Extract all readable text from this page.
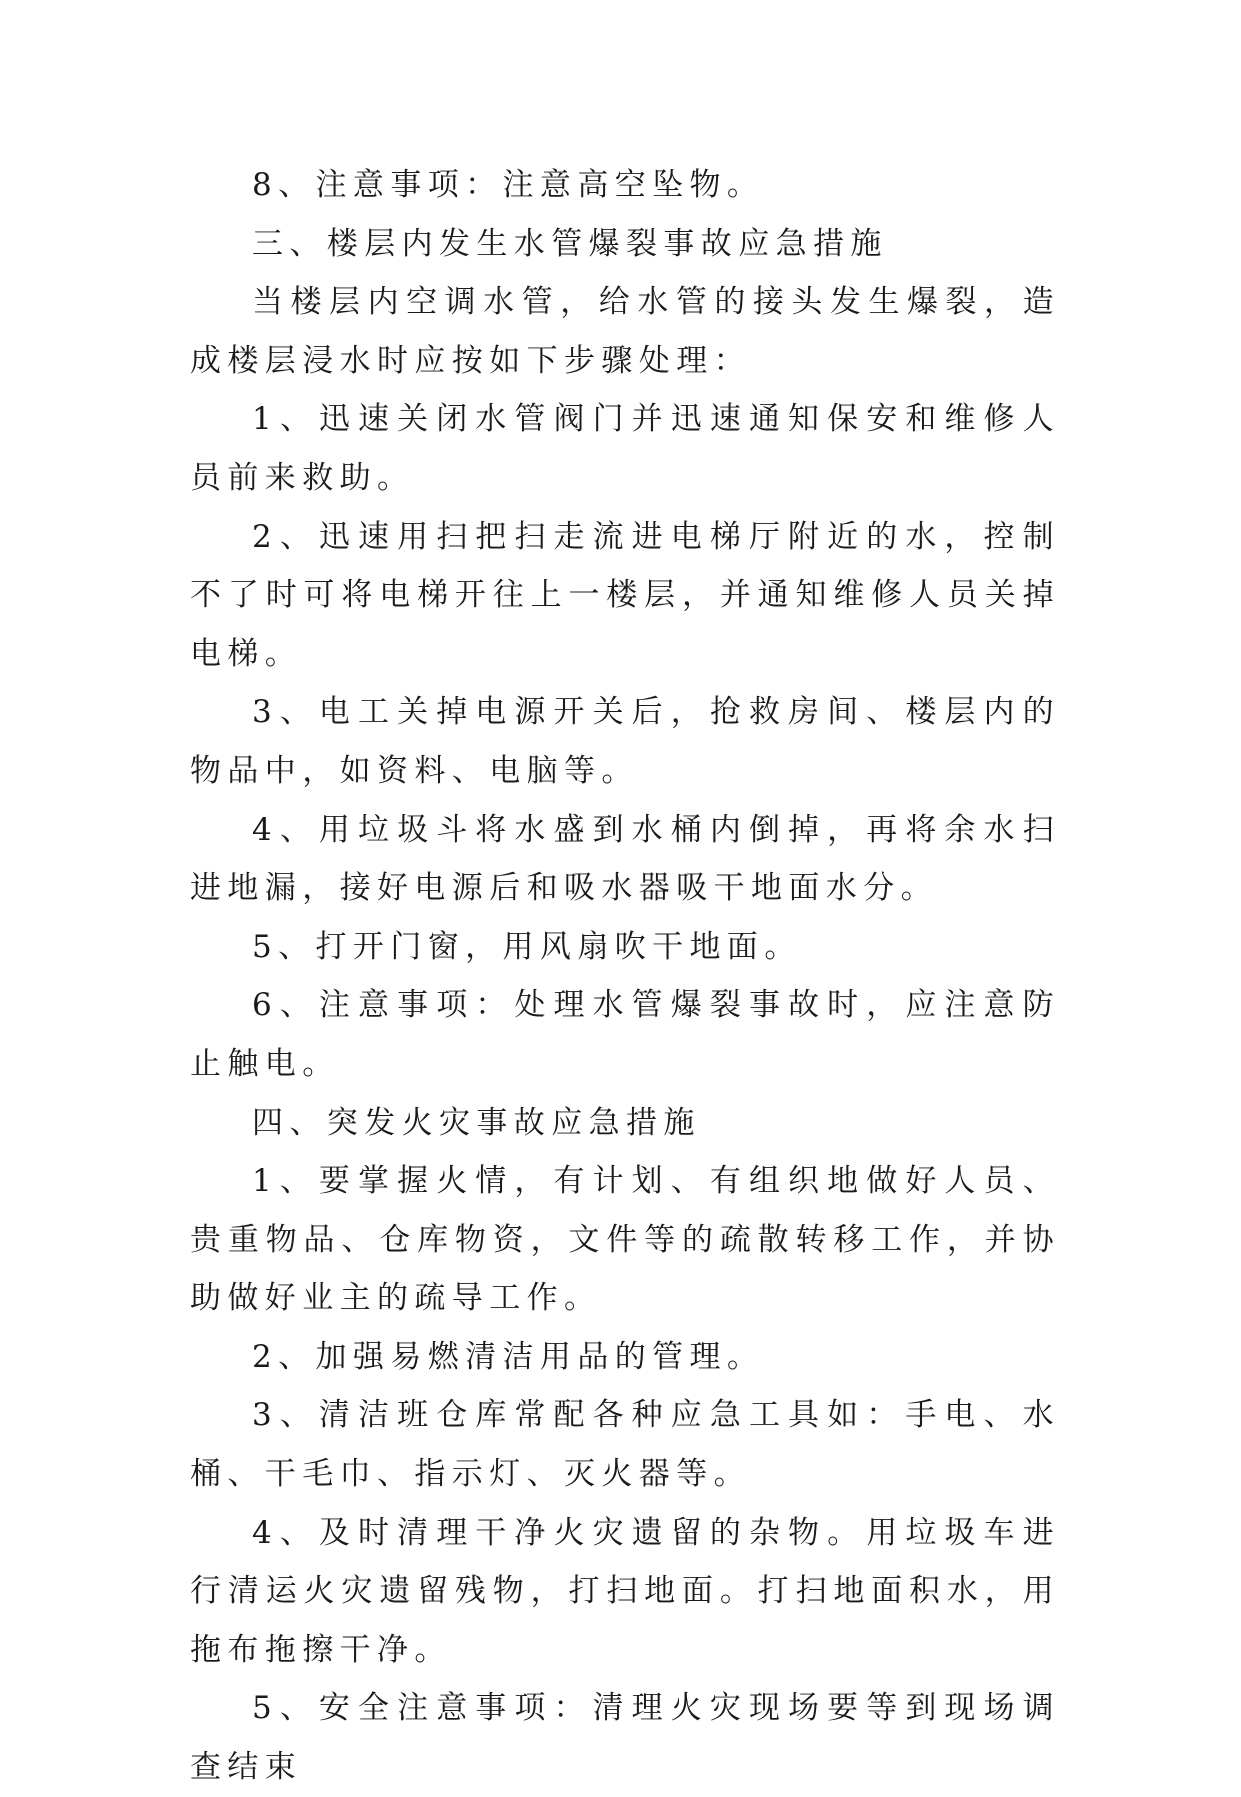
8、注意事项：注意高空坠物。

三、楼层内发生水管爆裂事故应急措施

当楼层内空调水管，给水管的接头发生爆裂，造成楼层浸水时应按如下步骤处理：

1、迅速关闭水管阀门并迅速通知保安和维修人员前来救助。

2、迅速用扫把扫走流进电梯厅附近的水，控制不了时可将电梯开往上一楼层，并通知维修人员关掉电梯。

3、电工关掉电源开关后，抢救房间、楼层内的物品中，如资料、电脑等。

4、用垃圾斗将水盛到水桶内倒掉，再将余水扫进地漏，接好电源后和吸水器吸干地面水分。

5、打开门窗，用风扇吹干地面。

6、注意事项：处理水管爆裂事故时，应注意防止触电。

四、突发火灾事故应急措施

1、要掌握火情，有计划、有组织地做好人员、贵重物品、仓库物资，文件等的疏散转移工作，并协助做好业主的疏导工作。

2、加强易燃清洁用品的管理。

3、清洁班仓库常配各种应急工具如：手电、水桶、干毛巾、指示灯、灭火器等。

4、及时清理干净火灾遗留的杂物。用垃圾车进行清运火灾遗留残物，打扫地面。打扫地面积水，用拖布拖擦干净。

5、安全注意事项：清理火灾现场要等到现场调查结束
